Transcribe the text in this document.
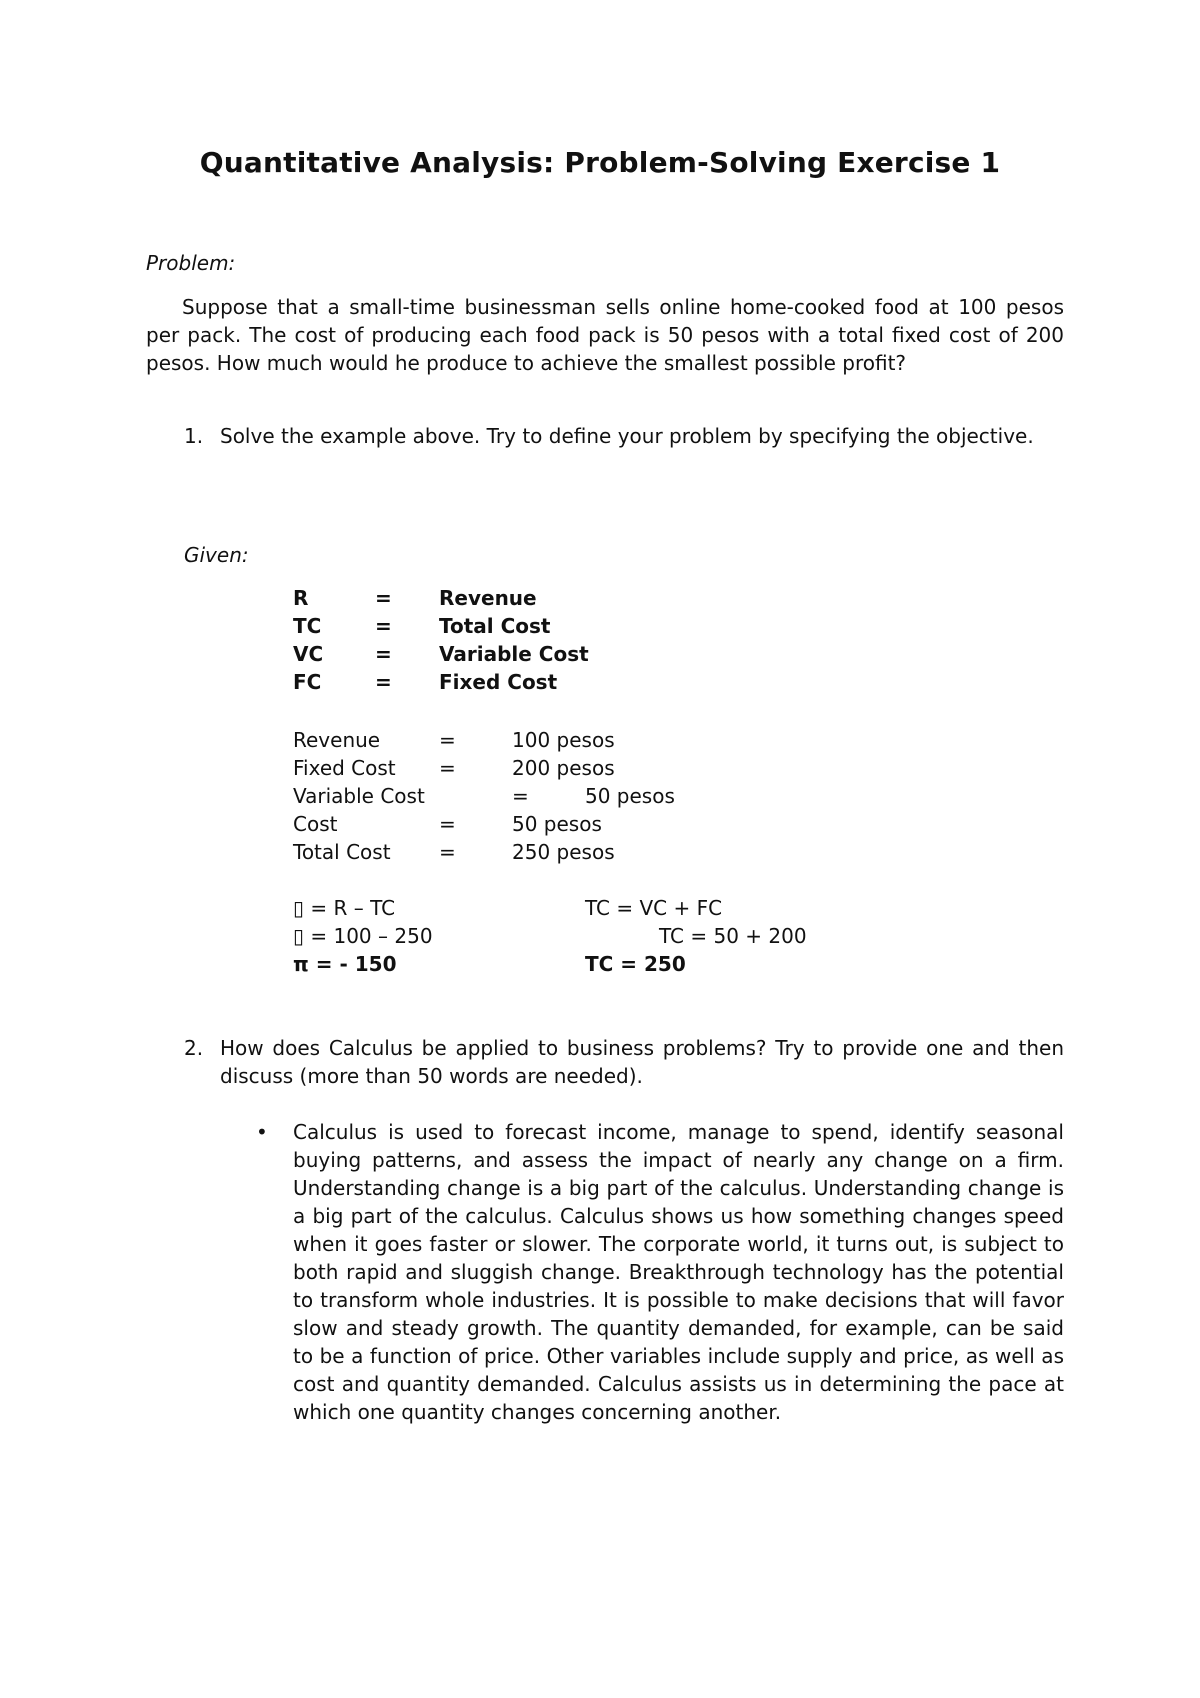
Quantitative Analysis: Problem-Solving Exercise 1
Problem:

Suppose that a small-time businessman sells online home-cooked food at 100 pesos per pack. The cost of producing each food pack is 50 pesos with a total fixed cost of 200 pesos. How much would he produce to achieve the smallest possible profit?

1. Solve the example above. Try to define your problem by specifying the objective.

Given:
R	= Revenue
TC	= Total Cost
VC	= Variable Cost
FC	= Fixed Cost
Revenue	=	100 pesos
Fixed Cost =	200 pesos
Variable Cost	=	50 pesos
Cost	=	50 pesos
Total Cost =	250 pesos
▯ = R – TC	TC = VC + FC
▯ = 100 – 250	TC = 50 + 200
π = - 150	TC = 250
2. How does Calculus be applied to business problems? Try to provide one and then discuss (more than 50 words are needed).

• Calculus is used to forecast income, manage to spend, identify seasonal buying patterns, and assess the impact of nearly any change on a firm. Understanding change is a big part of the calculus. Understanding change is a big part of the calculus. Calculus shows us how something changes speed when it goes faster or slower. The corporate world, it turns out, is subject to both rapid and sluggish change. Breakthrough technology has the potential to transform whole industries. It is possible to make decisions that will favor slow and steady growth. The quantity demanded, for example, can be said to be a function of price. Other variables include supply and price, as well as cost and quantity demanded. Calculus assists us in determining the pace at which one quantity changes concerning another.
